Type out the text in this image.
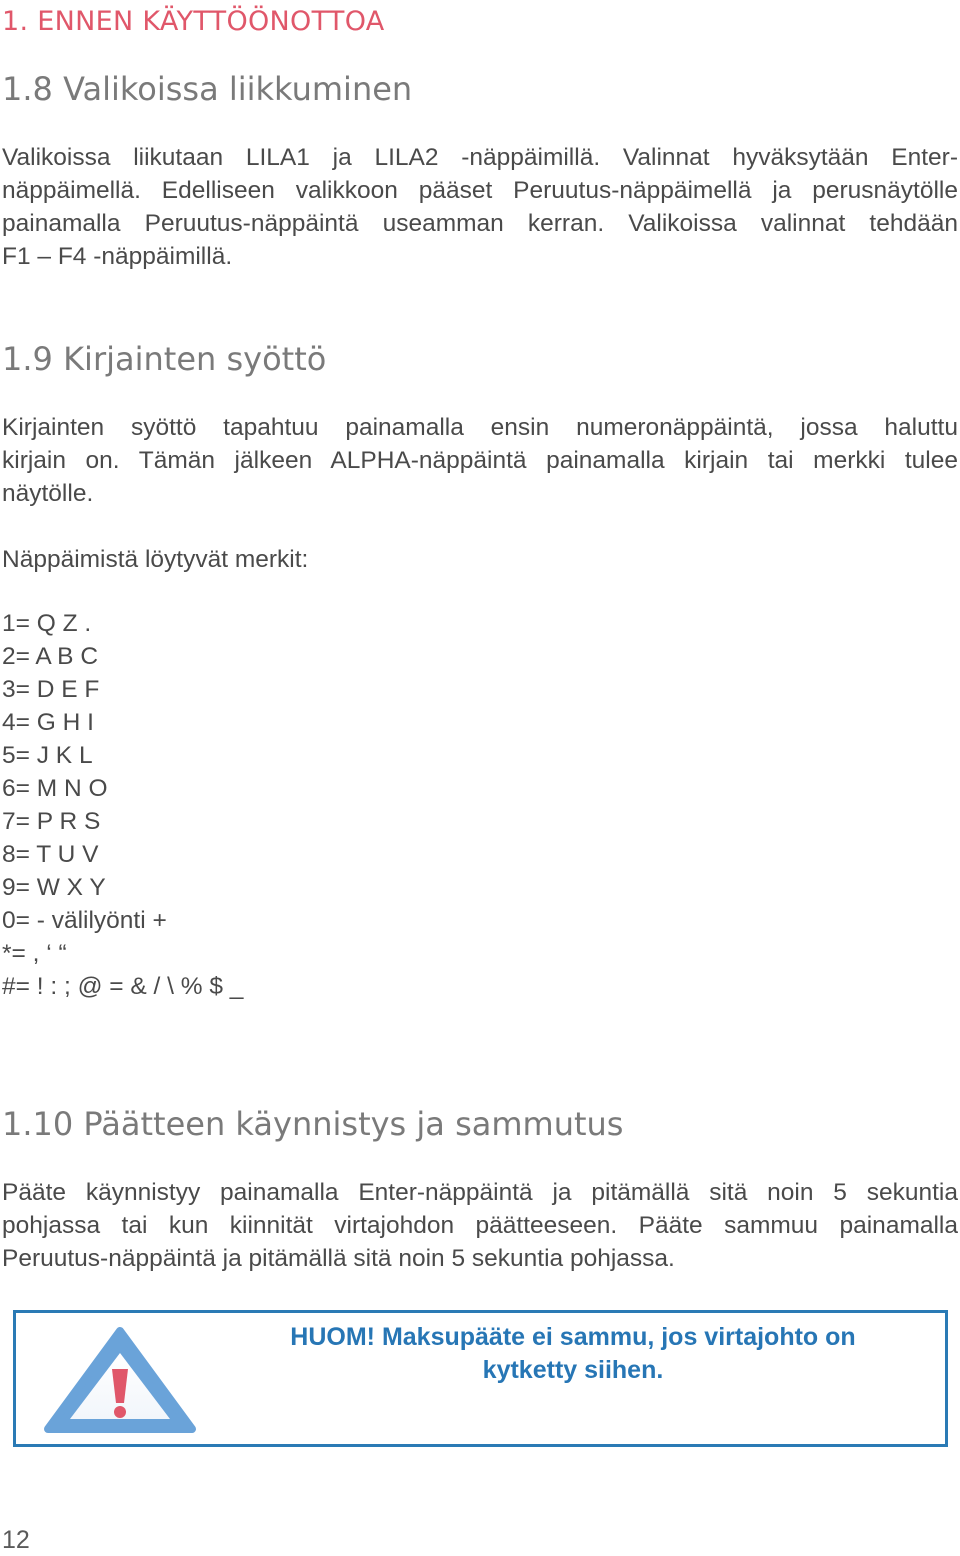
1. ENNEN KÄYTTÖÖNOTTOA
1.8 Valikoissa liikkuminen

Valikoissa liikutaan LILA1 ja LILA2 -näppäimillä. Valinnat hyväksytään Enter-
näppäimellä. Edelliseen valikkoon pääset Peruutus-näppäimellä ja perusnäytölle
painamalla Peruutus-näppäintä useamman kerran. Valikoissa valinnat tehdään
F1 – F4 -näppäimillä.

1.9 Kirjainten syöttö

Kirjainten syöttö tapahtuu painamalla ensin numeronäppäintä, jossa haluttu
kirjain on. Tämän jälkeen ALPHA-näppäintä painamalla kirjain tai merkki tulee
näytölle.

Näppäimistä löytyvät merkit:

1= Q Z .
2= A B C
3= D E F
4= G H I
5= J K L
6= M N O
7= P R S
8= T U V
9= W X Y
0= - välilyönti +
*= , ‘ “
#= ! : ; @ = & / \ % $ _
1.10 Päätteen käynnistys ja sammutus

Pääte käynnistyy painamalla Enter-näppäintä ja pitämällä sitä noin 5 sekuntia
pohjassa tai kun kiinnität virtajohdon päätteeseen. Pääte sammuu painamalla
Peruutus-näppäintä ja pitämällä sitä noin 5 sekuntia pohjassa.

HUOM! Maksupääte ei sammu, jos virtajohto on
kytketty siihen.

12
